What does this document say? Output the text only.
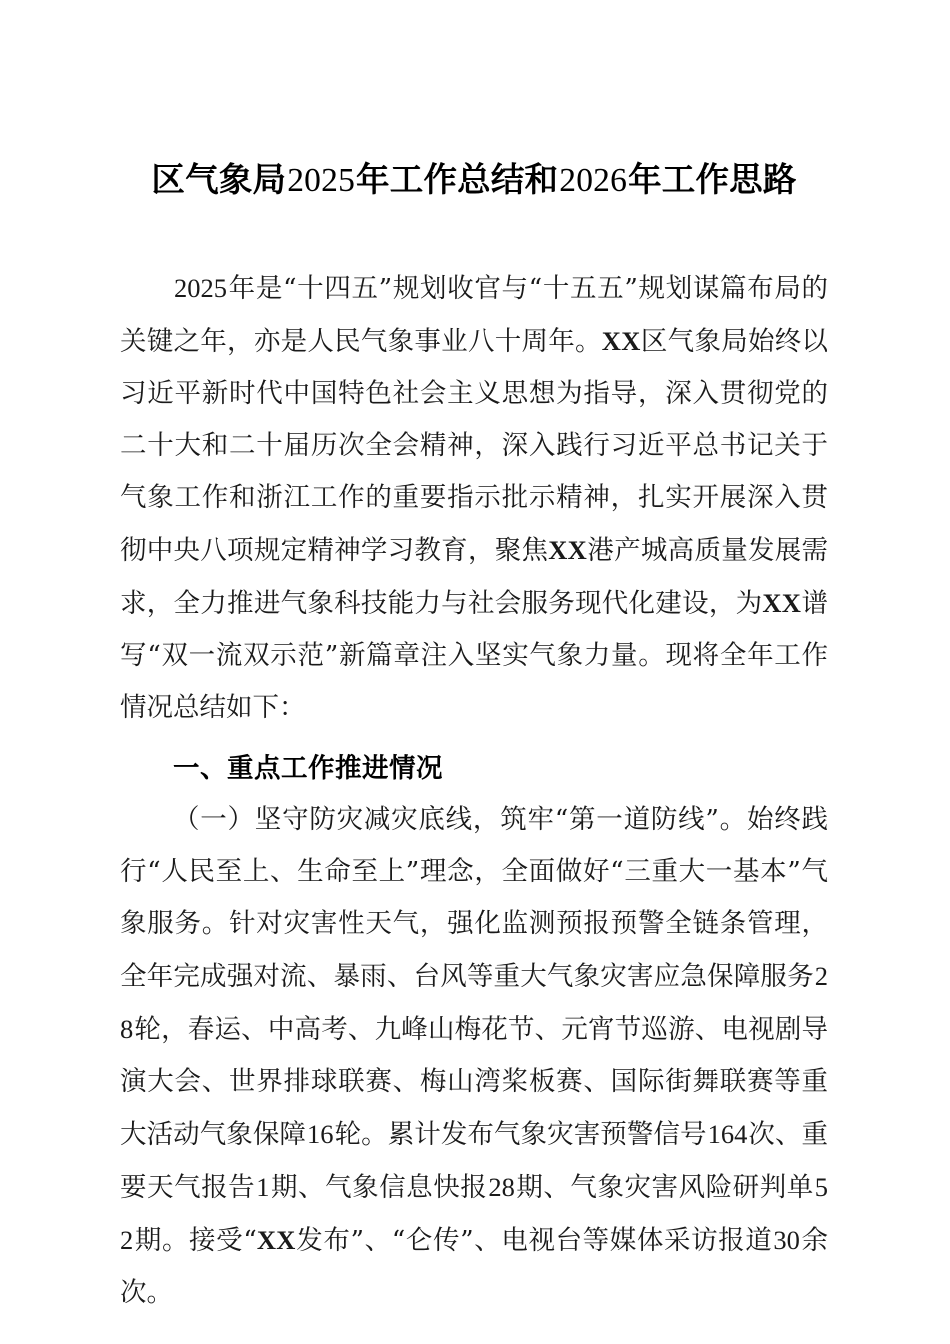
区气象局2025年工作总结和2026年工作思路

2025年是“十四五”规划收官与“十五五”规划谋篇布局的关键之年，亦是人民气象事业八十周年。XX区气象局始终以习近平新时代中国特色社会主义思想为指导，深入贯彻党的二十大和二十届历次全会精神，深入践行习近平总书记关于气象工作和浙江工作的重要指示批示精神，扎实开展深入贯彻中央八项规定精神学习教育，聚焦XX港产城高质量发展需求，全力推进气象科技能力与社会服务现代化建设，为XX谱写“双一流双示范”新篇章注入坚实气象力量。现将全年工作情况总结如下：

一、重点工作推进情况

（一）坚守防灾减灾底线，筑牢“第一道防线”。始终践行“人民至上、生命至上”理念，全面做好“三重大一基本”气象服务。针对灾害性天气，强化监测预报预警全链条管理，全年完成强对流、暴雨、台风等重大气象灾害应急保障服务28轮，春运、中高考、九峰山梅花节、元宵节巡游、电视剧导演大会、世界排球联赛、梅山湾桨板赛、国际街舞联赛等重大活动气象保障16轮。累计发布气象灾害预警信号164次、重要天气报告1期、气象信息快报28期、气象灾害风险研判单52期。接受“XX发布”、“仑传”、电视台等媒体采访报道30余次。
